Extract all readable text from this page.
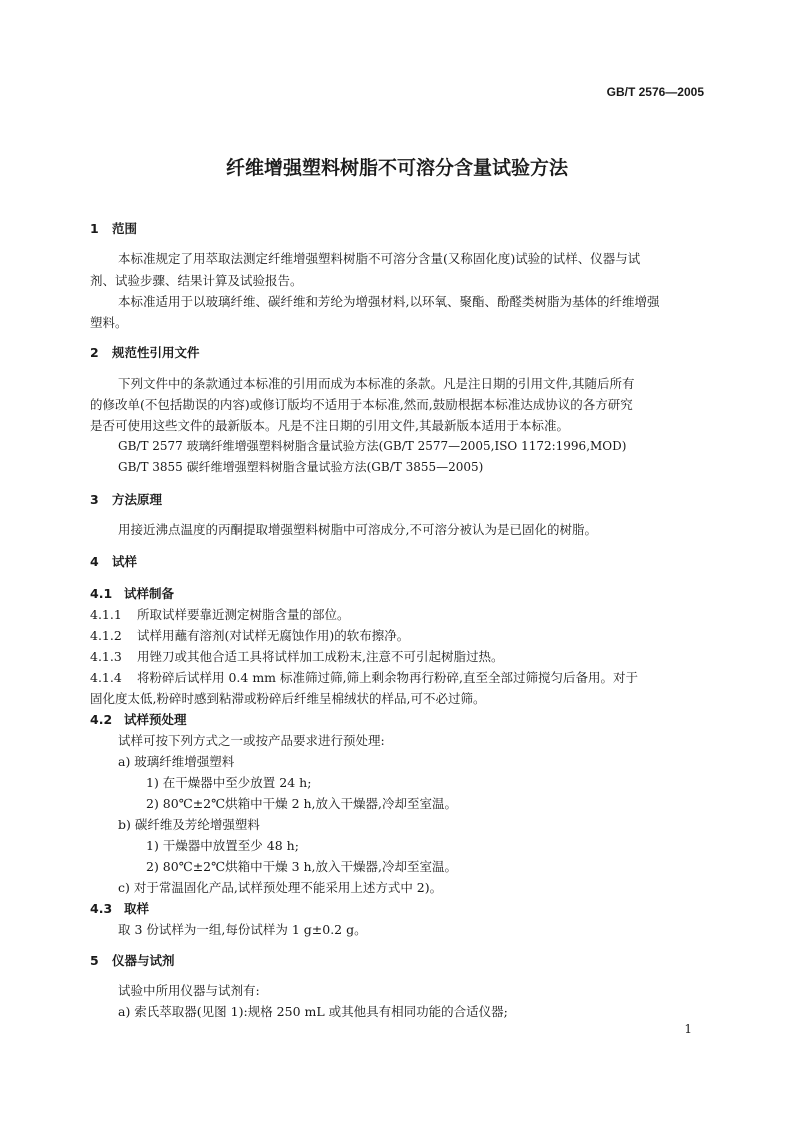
GB/T 2576—2005
纤维增强塑料树脂不可溶分含量试验方法
1 范围
本标准规定了用萃取法测定纤维增强塑料树脂不可溶分含量(又称固化度)试验的试样、仪器与试
剂、试验步骤、结果计算及试验报告。
本标准适用于以玻璃纤维、碳纤维和芳纶为增强材料,以环氧、聚酯、酚醛类树脂为基体的纤维增强
塑料。
2 规范性引用文件
下列文件中的条款通过本标准的引用而成为本标准的条款。凡是注日期的引用文件,其随后所有
的修改单(不包括勘误的内容)或修订版均不适用于本标准,然而,鼓励根据本标准达成协议的各方研究
是否可使用这些文件的最新版本。凡是不注日期的引用文件,其最新版本适用于本标准。
GB/T 2577 玻璃纤维增强塑料树脂含量试验方法(GB/T 2577—2005,ISO 1172:1996,MOD)
GB/T 3855 碳纤维增强塑料树脂含量试验方法(GB/T 3855—2005)
3 方法原理
用接近沸点温度的丙酮提取增强塑料树脂中可溶成分,不可溶分被认为是已固化的树脂。
4 试样
4.1 试样制备
4.1.1 所取试样要靠近测定树脂含量的部位。
4.1.2 试样用蘸有溶剂(对试样无腐蚀作用)的软布擦净。
4.1.3 用锉刀或其他合适工具将试样加工成粉末,注意不可引起树脂过热。
4.1.4 将粉碎后试样用 0.4 mm 标准筛过筛,筛上剩余物再行粉碎,直至全部过筛搅匀后备用。对于
固化度太低,粉碎时感到粘滞或粉碎后纤维呈棉绒状的样品,可不必过筛。
4.2 试样预处理
试样可按下列方式之一或按产品要求进行预处理:
a) 玻璃纤维增强塑料
1) 在干燥器中至少放置 24 h;
2) 80℃±2℃烘箱中干燥 2 h,放入干燥器,冷却至室温。
b) 碳纤维及芳纶增强塑料
1) 干燥器中放置至少 48 h;
2) 80℃±2℃烘箱中干燥 3 h,放入干燥器,冷却至室温。
c) 对于常温固化产品,试样预处理不能采用上述方式中 2)。
4.3 取样
取 3 份试样为一组,每份试样为 1 g±0.2 g。
5 仪器与试剂
试验中所用仪器与试剂有:
a) 索氏萃取器(见图 1):规格 250 mL 或其他具有相同功能的合适仪器;
1
